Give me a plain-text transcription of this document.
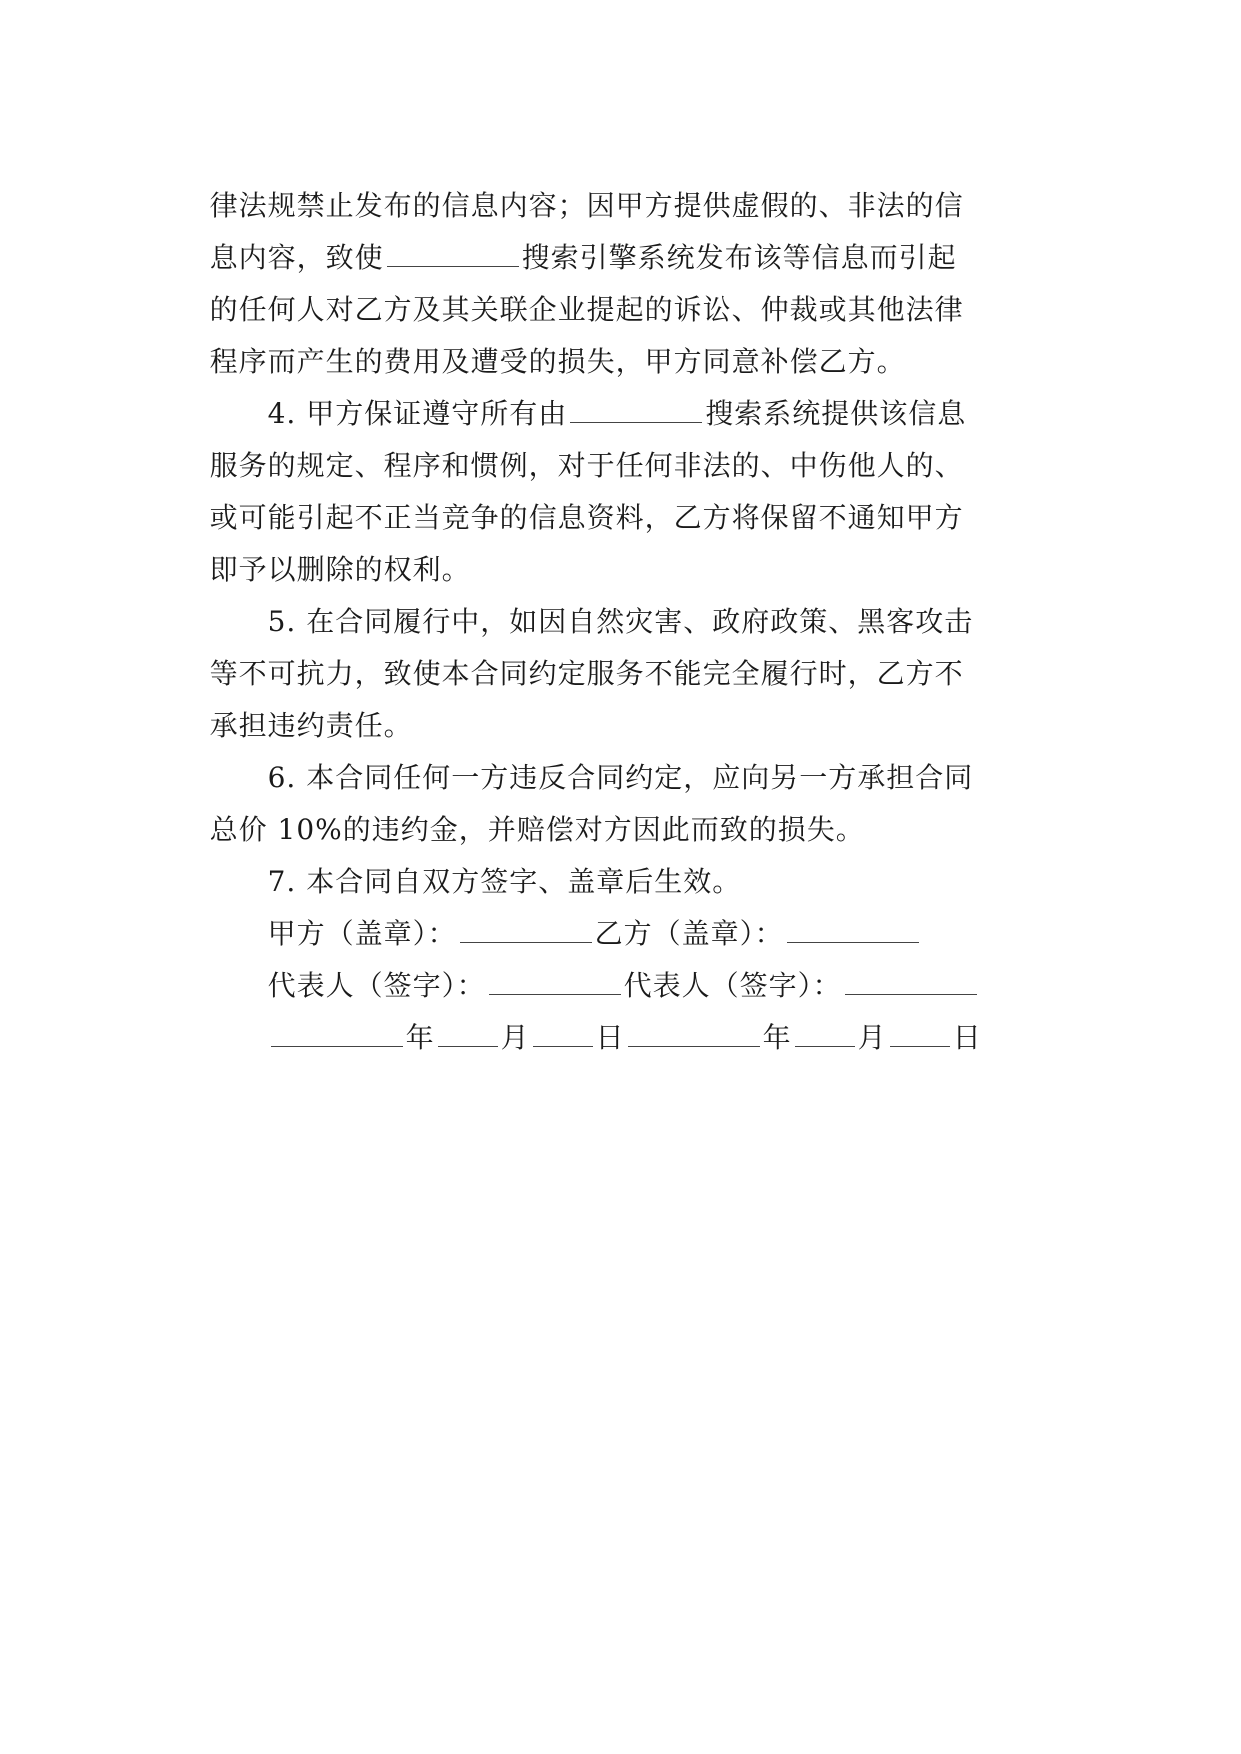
律法规禁止发布的信息内容；因甲方提供虚假的、非法的信

息内容，致使	搜索引擎系统发布该等信息而引起

的任何人对乙方及其关联企业提起的诉讼、仲裁或其他法律

程序而产生的费用及遭受的损失，甲方同意补偿乙方。

4. 甲方保证遵守所有由	搜索系统提供该信息

服务的规定、程序和惯例，对于任何非法的、中伤他人的、

或可能引起不正当竞争的信息资料，乙方将保留不通知甲方

即予以删除的权利。

5. 在合同履行中，如因自然灾害、政府政策、黑客攻击

等不可抗力，致使本合同约定服务不能完全履行时，乙方不

承担违约责任。

6. 本合同任何一方违反合同约定，应向另一方承担合同

总价 10%的违约金，并赔偿对方因此而致的损失。

7. 本合同自双方签字、盖章后生效。

甲方（盖章）：	乙方（盖章）：

代表人（签字）：	代表人（签字）：

年 月 日	年 月 日
